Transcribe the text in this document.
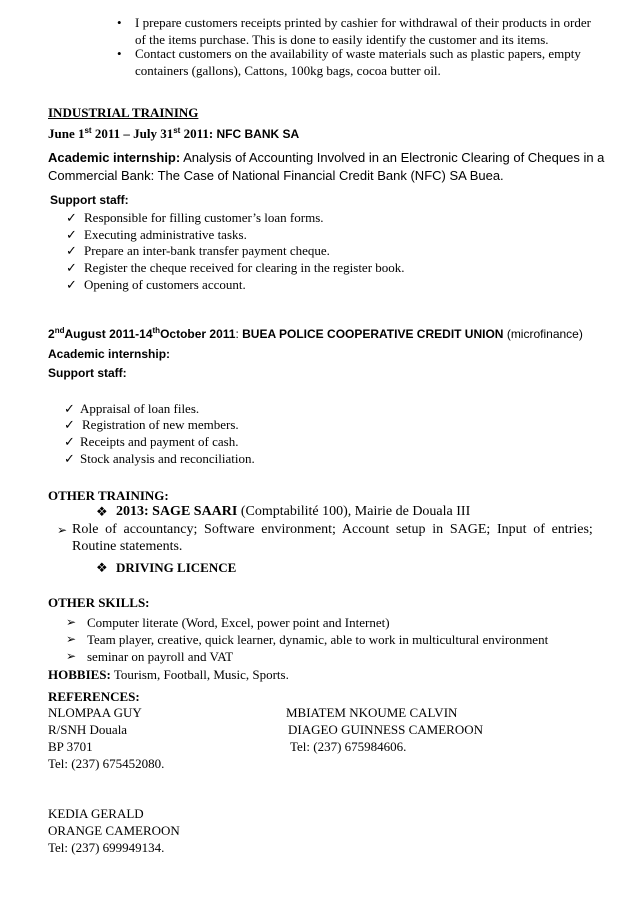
• I prepare customers receipts printed by cashier for withdrawal of their products in order
of the items purchase. This is done to easily identify the customer and its items.
• Contact customers on the availability of waste materials such as plastic papers, empty
containers (gallons), Cattons, 100kg bags, cocoa butter oil.
INDUSTRIAL TRAINING
June 1st 2011 – July 31st 2011: NFC BANK SA
Academic internship: Analysis of Accounting Involved in an Electronic Clearing of Cheques in a
Commercial Bank: The Case of National Financial Credit Bank (NFC) SA Buea.
Support staff:
✓ Responsible for filling customer’s loan forms.
✓ Executing administrative tasks.
✓ Prepare an inter-bank transfer payment cheque.
✓ Register the cheque received for clearing in the register book.
✓ Opening of customers account.
2ndAugust 2011-14thOctober 2011: BUEA POLICE COOPERATIVE CREDIT UNION (microfinance)
Academic internship:
Support staff:
✓ Appraisal of loan files.
✓ Registration of new members.
✓ Receipts and payment of cash.
✓ Stock analysis and reconciliation.
OTHER TRAINING:
❖ 2013: SAGE SAARI (Comptabilité 100), Mairie de Douala III
➢ Role of accountancy; Software environment; Account setup in SAGE; Input of entries;
Routine statements.
❖ DRIVING LICENCE
OTHER SKILLS:
➢ Computer literate (Word, Excel, power point and Internet)
➢ Team player, creative, quick learner, dynamic, able to work in multicultural environment
➢ seminar on payroll and VAT
HOBBIES: Tourism, Football, Music, Sports.
REFERENCES:
NLOMPAA GUY
R/SNH Douala
BP 3701
Tel: (237) 675452080.
MBIATEM NKOUME CALVIN
DIAGEO GUINNESS CAMEROON
Tel: (237) 675984606.
KEDIA GERALD
ORANGE CAMEROON
Tel: (237) 699949134.
